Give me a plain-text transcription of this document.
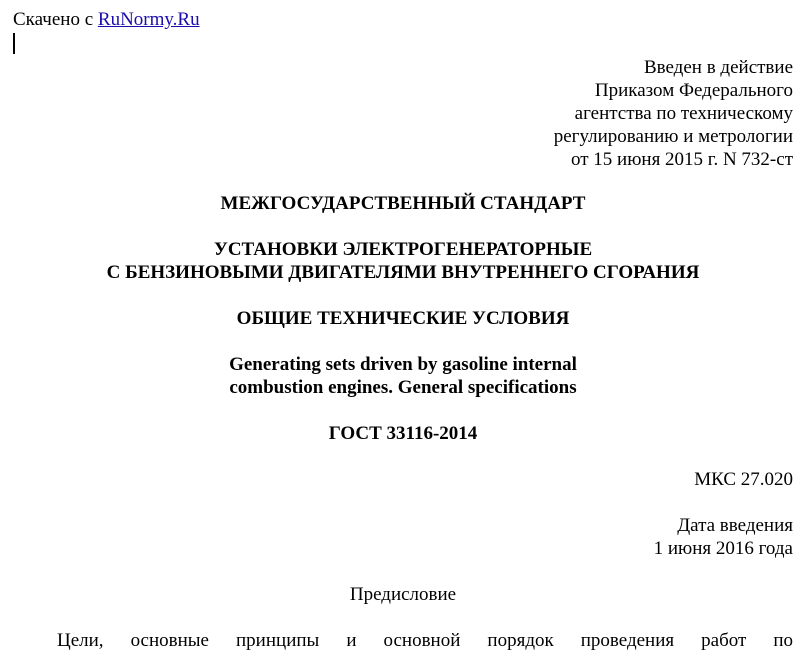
Скачено с RuNormy.Ru
Введен в действие
Приказом Федерального
агентства по техническому
регулированию и метрологии
от 15 июня 2015 г. N 732-ст
МЕЖГОСУДАРСТВЕННЫЙ СТАНДАРТ
УСТАНОВКИ ЭЛЕКТРОГЕНЕРАТОРНЫЕ
С БЕНЗИНОВЫМИ ДВИГАТЕЛЯМИ ВНУТРЕННЕГО СГОРАНИЯ
ОБЩИЕ ТЕХНИЧЕСКИЕ УСЛОВИЯ
Generating sets driven by gasoline internal
combustion engines. General specifications
ГОСТ 33116-2014
МКС 27.020
Дата введения
1 июня 2016 года
Предисловие
Цели, основные принципы и основной порядок проведения работ по
